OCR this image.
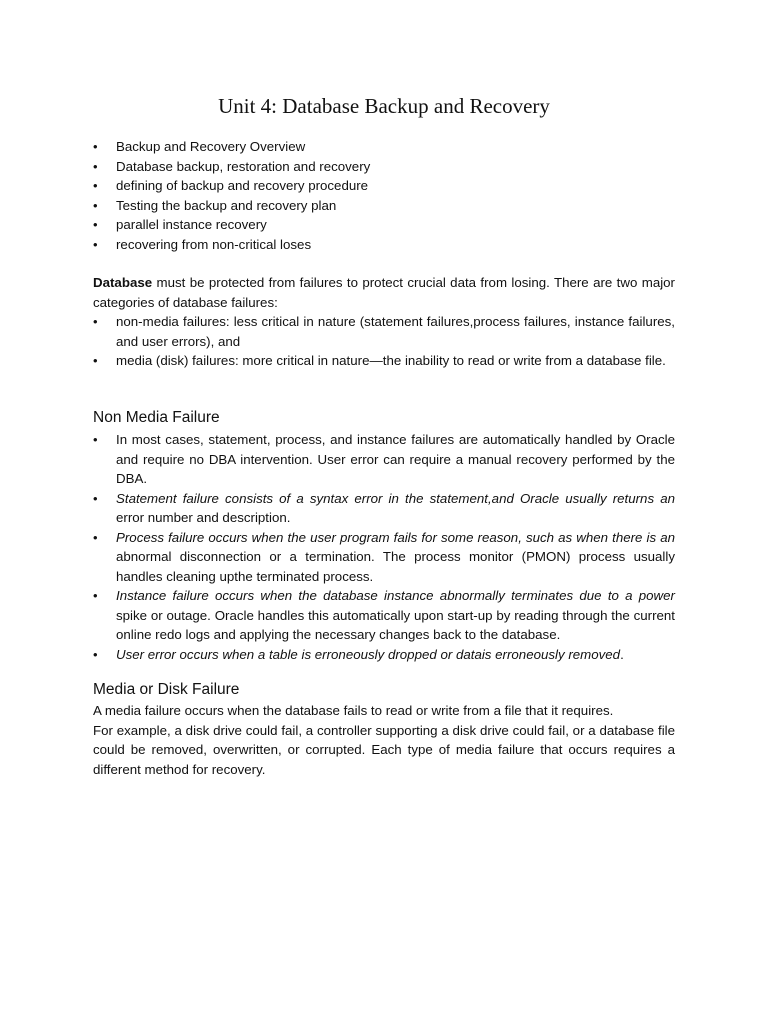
Unit 4: Database Backup and Recovery
•	Backup and Recovery Overview
•	Database backup, restoration and recovery
•	defining of backup and recovery procedure
•	Testing the backup and recovery plan
•	parallel instance recovery
•	recovering from non-critical loses

Database must be protected from failures to protect crucial data from losing. There are two major categories of database failures:

•	non-media failures: less critical in nature (statement failures,process failures, instance failures, and user errors), and
•	media (disk) failures: more critical in nature—the inability to read or write from a database file.
Non Media Failure
•	In most cases, statement, process, and instance failures are automatically handled by Oracle and require no DBA intervention. User error can require a manual recovery performed by the DBA.
•	Statement failure consists of a syntax error in the statement,and Oracle usually returns an error number and description.
•	Process failure occurs when the user program fails for some reason, such as when there is an abnormal disconnection or a termination. The process monitor (PMON) process usually handles cleaning upthe terminated process.
•	Instance failure occurs when the database instance abnormally terminates due to a power spike or outage. Oracle handles this automatically upon start-up by reading through the current online redo logs and applying the necessary changes back to the database.
•	User error occurs when a table is erroneously dropped or datais erroneously removed.
Media or Disk Failure

A media failure occurs when the database fails to read or write from a file that it requires.

For example, a disk drive could fail, a controller supporting a disk drive could fail, or a database file could be removed, overwritten, or corrupted. Each type of media failure that occurs requires a different method for recovery.
